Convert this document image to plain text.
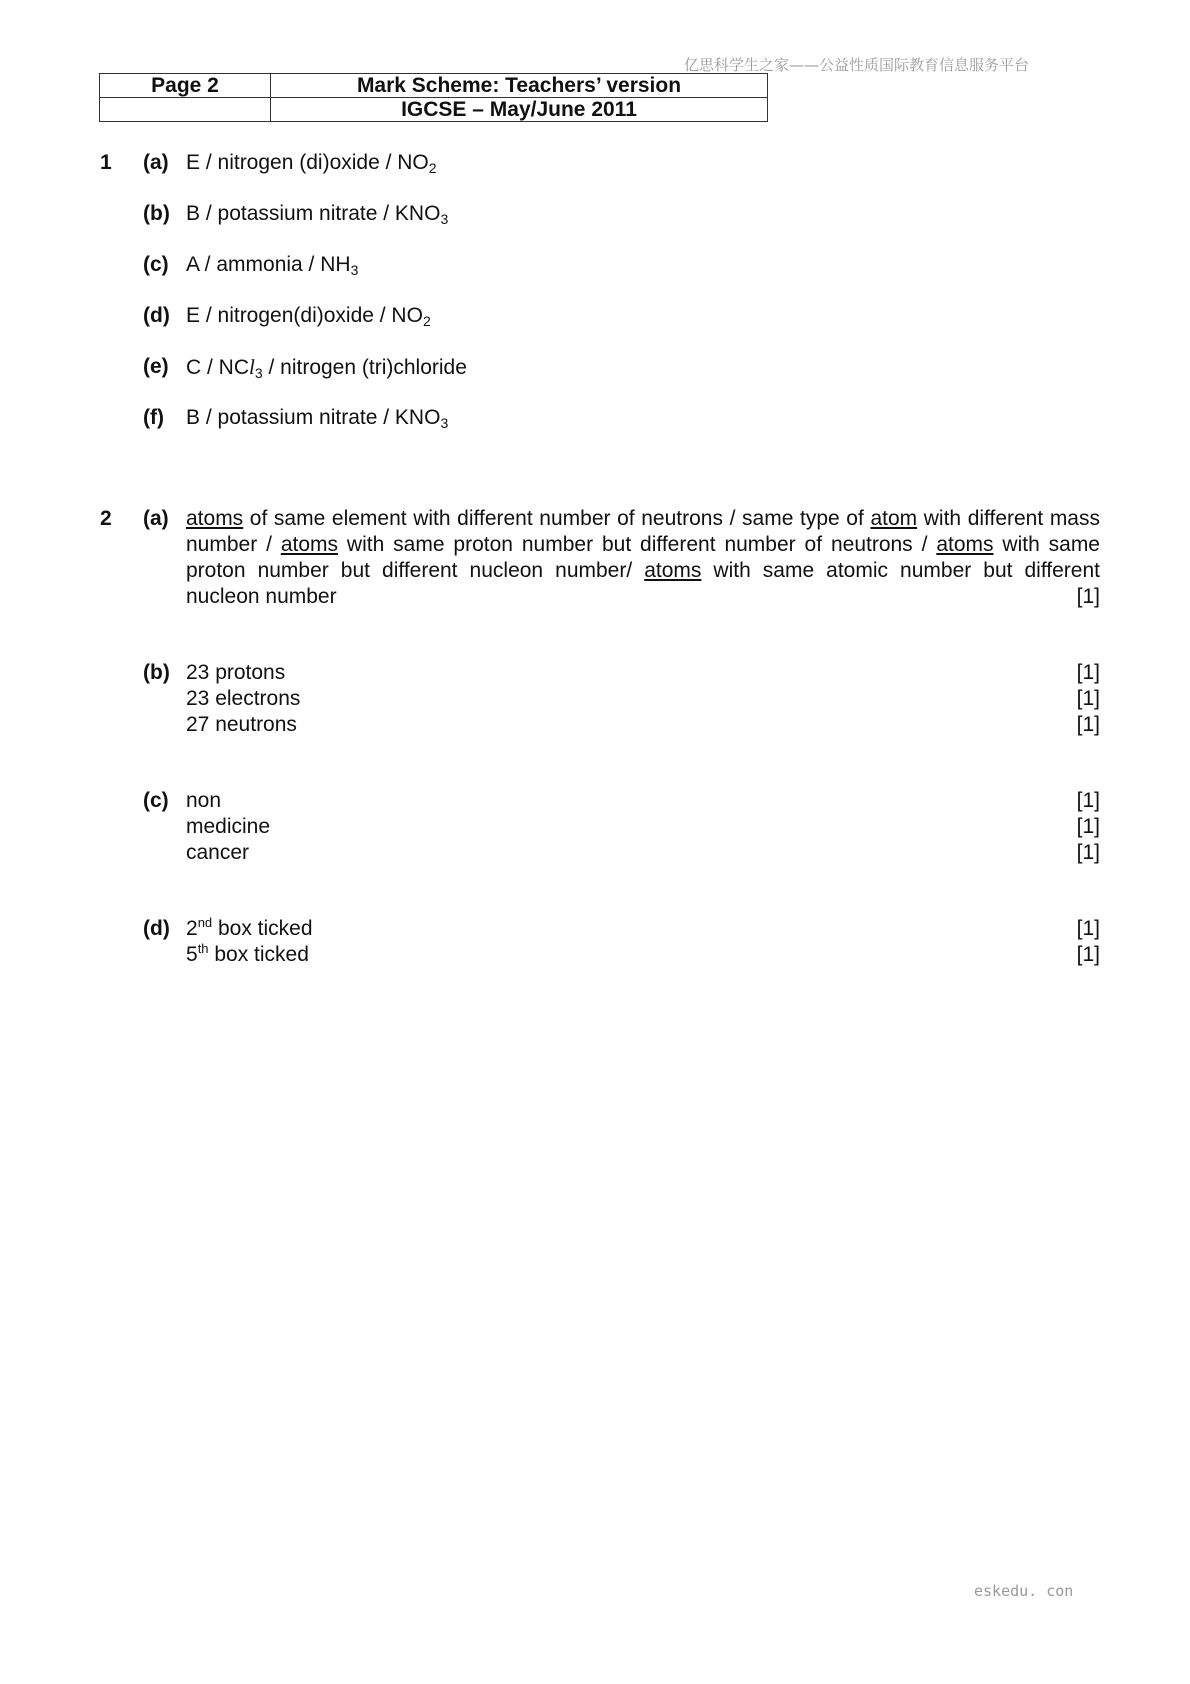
亿思科学生之家——公益性质国际教育信息服务平台
Page 2	Mark Scheme: Teachers’ version
	IGCSE – May/June 2011
1 (a) E / nitrogen (di)oxide / $NO_2$
(b) B / potassium nitrate / $KNO_3$
(c) A / ammonia / $NH_3$
(d) E / nitrogen(di)oxide / $NO_2$
(e) C / NCl$_3$ / nitrogen (tri)chloride
(f) B / potassium nitrate / $KNO_3$
2 (a) atoms of same element with different number of neutrons / same type of atom with different mass number / atoms with same proton number but different number of neutrons / atoms with same proton number but different nucleon number/ atoms with same atomic number but different nucleon number	[1]
(b) 23 protons	[1]
23 electrons	[1]
27 neutrons	[1]
(c) non	[1]
medicine	[1]
cancer	[1]
(d) 2nd box ticked	[1]
5th box ticked	[1]
eskedu. con
